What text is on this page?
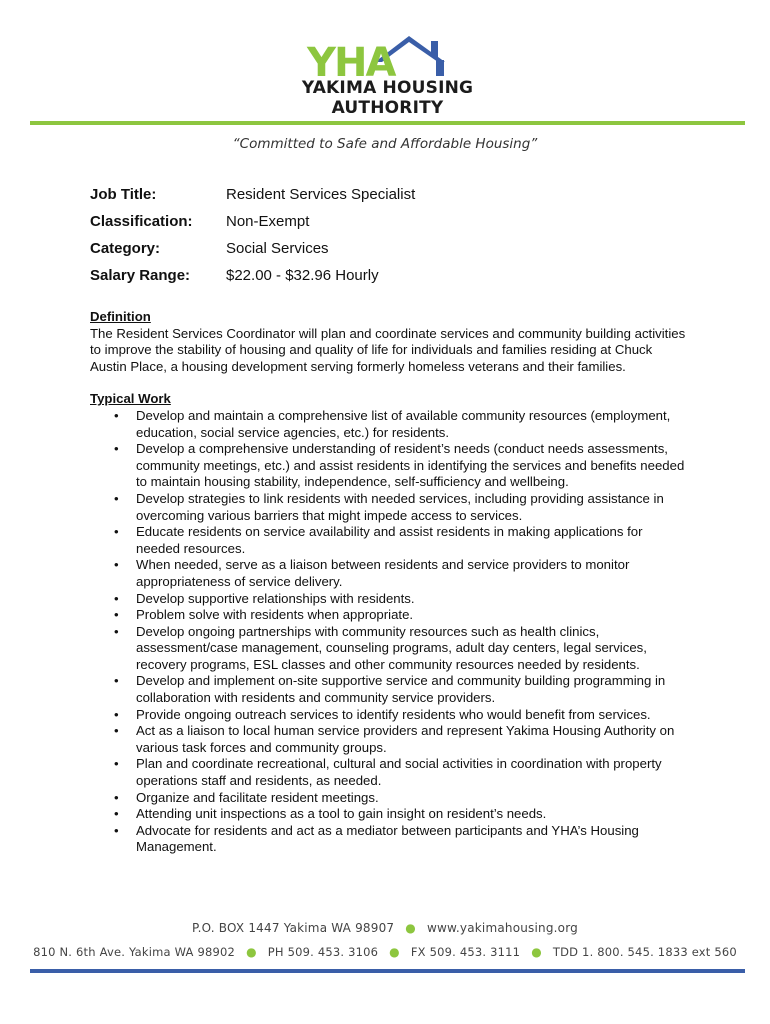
YHA
YAKIMA HOUSING
AUTHORITY
“Committed to Safe and Affordable Housing”
Job Title:	Resident Services Specialist
Classification: Non-Exempt
Category:	Social Services
Salary Range: $22.00 - $32.96 Hourly
Definition

The Resident Services Coordinator will plan and coordinate services and community building activities to improve the stability of housing and quality of life for individuals and families residing at Chuck Austin Place, a housing development serving formerly homeless veterans and their families.

Typical Work
• Develop and maintain a comprehensive list of available community resources (employment, education, social service agencies, etc.) for residents.
• Develop a comprehensive understanding of resident’s needs (conduct needs assessments, community meetings, etc.) and assist residents in identifying the services and benefits needed to maintain housing stability, independence, self-sufficiency and wellbeing.
• Develop strategies to link residents with needed services, including providing assistance in overcoming various barriers that might impede access to services.
• Educate residents on service availability and assist residents in making applications for needed resources.
• When needed, serve as a liaison between residents and service providers to monitor appropriateness of service delivery.
• Develop supportive relationships with residents.
• Problem solve with residents when appropriate.
• Develop ongoing partnerships with community resources such as health clinics, assessment/case management, counseling programs, adult day centers, legal services, recovery programs, ESL classes and other community resources needed by residents.
• Develop and implement on-site supportive service and community building programming in collaboration with residents and community service providers.
• Provide ongoing outreach services to identify residents who would benefit from services.
• Act as a liaison to local human service providers and represent Yakima Housing Authority on various task forces and community groups.
• Plan and coordinate recreational, cultural and social activities in coordination with property operations staff and residents, as needed.
• Organize and facilitate resident meetings.
• Attending unit inspections as a tool to gain insight on resident’s needs.
• Advocate for residents and act as a mediator between participants and YHA’s Housing Management.
P.O. BOX 1447 Yakima WA 98907 ● www.yakimahousing.org
810 N. 6th Ave. Yakima WA 98902 ● PH 509. 453. 3106 ● FX 509. 453. 3111 ● TDD 1. 800. 545. 1833 ext 560
